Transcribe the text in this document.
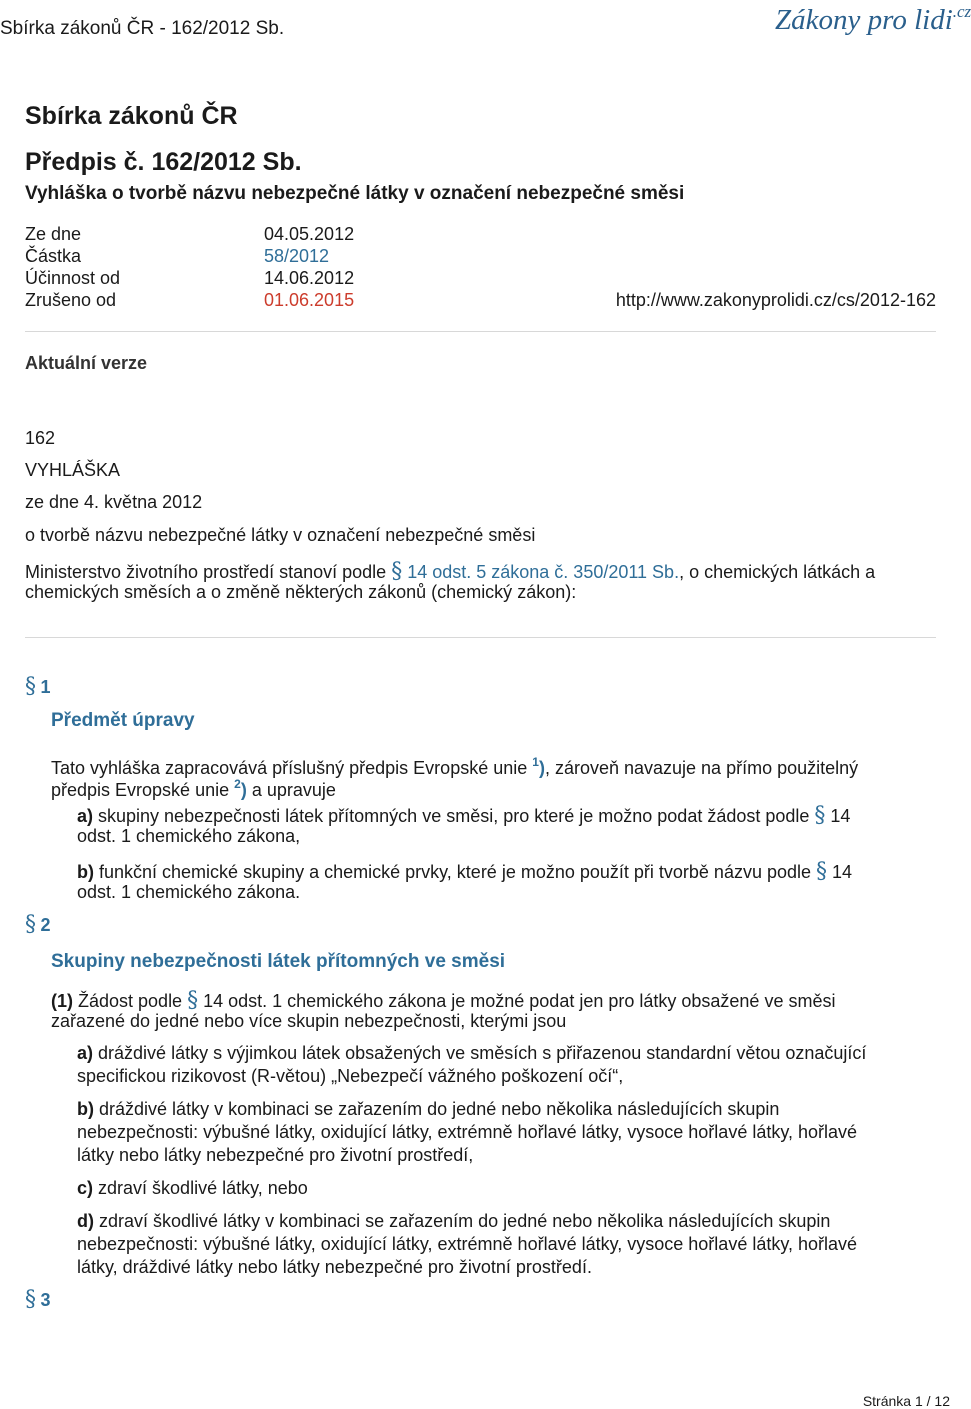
Sbírka zákonů ČR - 162/2012 Sb.	Zákony pro lidi$^{.cz}$
Sbírka zákonů ČR
Předpis č. 162/2012 Sb.
Vyhláška o tvorbě názvu nebezpečné látky v označení nebezpečné směsi
Ze dne	04.05.2012
Částka	58/2012
Účinnost od	14.06.2012
Zrušeno od	01.06.2015	http://www.zakonyprolidi.cz/cs/2012-162
Aktuální verze
162
VYHLÁŠKA
ze dne 4. května 2012
o tvorbě názvu nebezpečné látky v označení nebezpečné směsi
Ministerstvo životního prostředí stanoví podle § 14 odst. 5 zákona č. 350/2011 Sb., o chemických látkách a
chemických směsích a o změně některých zákonů (chemický zákon):
§ 1
Předmět úpravy
Tato vyhláška zapracovává příslušný předpis Evropské unie $^1$), zároveň navazuje na přímo použitelný
předpis Evropské unie $^2$) a upravuje
a) skupiny nebezpečnosti látek přítomných ve směsi, pro které je možno podat žádost podle § 14
odst. 1 chemického zákona,
b) funkční chemické skupiny a chemické prvky, které je možno použít při tvorbě názvu podle § 14
odst. 1 chemického zákona.
§ 2
Skupiny nebezpečnosti látek přítomných ve směsi
(1) Žádost podle § 14 odst. 1 chemického zákona je možné podat jen pro látky obsažené ve směsi
zařazené do jedné nebo více skupin nebezpečnosti, kterými jsou
a) dráždivé látky s výjimkou látek obsažených ve směsích s přiřazenou standardní větou označující
specifickou rizikovost (R-větou) „Nebezpečí vážného poškození očí“,
b) dráždivé látky v kombinaci se zařazením do jedné nebo několika následujících skupin
nebezpečnosti: výbušné látky, oxidující látky, extrémně hořlavé látky, vysoce hořlavé látky, hořlavé
látky nebo látky nebezpečné pro životní prostředí,
c) zdraví škodlivé látky, nebo
d) zdraví škodlivé látky v kombinaci se zařazením do jedné nebo několika následujících skupin
nebezpečnosti: výbušné látky, oxidující látky, extrémně hořlavé látky, vysoce hořlavé látky, hořlavé
látky, dráždivé látky nebo látky nebezpečné pro životní prostředí.
§ 3
Stránka 1 / 12
